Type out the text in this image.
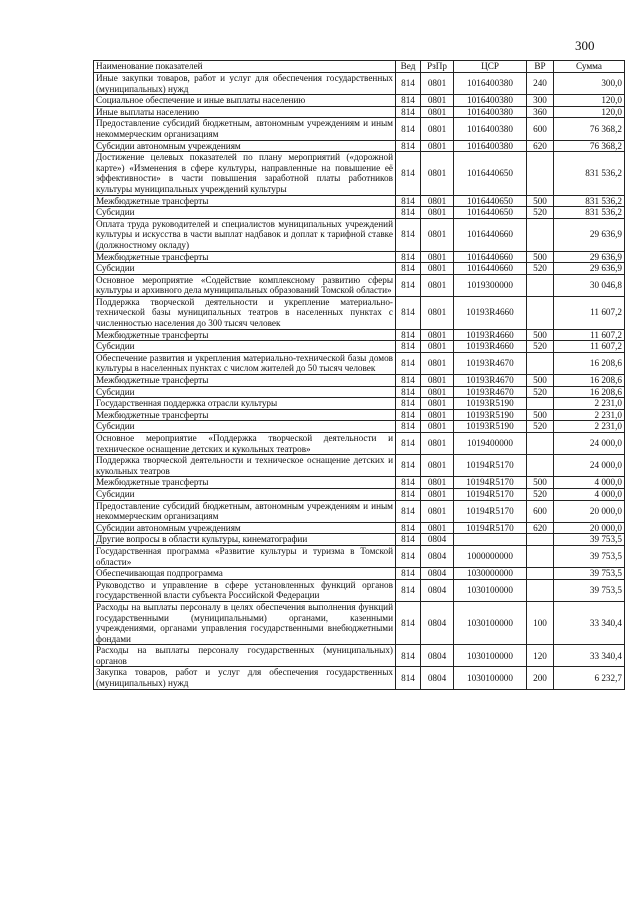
300
Наименование показателей	Вед	РзПр	ЦСР	ВР	Сумма
Иные закупки товаров, работ и услуг для обеспечения государственных (муниципальных) нужд	814	0801	1016400380	240	300,0
Социальное обеспечение и иные выплаты населению	814	0801	1016400380	300	120,0
Иные выплаты населению	814	0801	1016400380	360	120,0
Предоставление субсидий бюджетным, автономным учреждениям и иным некоммерческим организациям	814	0801	1016400380	600	76 368,2
Субсидии автономным учреждениям	814	0801	1016400380	620	76 368,2
Достижение целевых показателей по плану мероприятий («дорожной карте») «Изменения в сфере культуры, направленные на повышение её эффективности» в части повышения заработной платы работников культуры муниципальных учреждений культуры	814	0801	1016440650		831 536,2
Межбюджетные трансферты	814	0801	1016440650	500	831 536,2
Субсидии	814	0801	1016440650	520	831 536,2
Оплата труда руководителей и специалистов муниципальных учреждений культуры и искусства в части выплат надбавок и доплат к тарифной ставке (должностному окладу)	814	0801	1016440660		29 636,9
Межбюджетные трансферты	814	0801	1016440660	500	29 636,9
Субсидии	814	0801	1016440660	520	29 636,9
Основное мероприятие «Содействие комплексному развитию сферы культуры и архивного дела муниципальных образований Томской области»	814	0801	1019300000		30 046,8
Поддержка творческой деятельности и укрепление материально-технической базы муниципальных театров в населенных пунктах с численностью населения до 300 тысяч человек	814	0801	10193R4660		11 607,2
Межбюджетные трансферты	814	0801	10193R4660	500	11 607,2
Субсидии	814	0801	10193R4660	520	11 607,2
Обеспечение развития и укрепления материально-технической базы домов культуры в населенных пунктах с числом жителей до 50 тысяч человек	814	0801	10193R4670		16 208,6
Межбюджетные трансферты	814	0801	10193R4670	500	16 208,6
Субсидии	814	0801	10193R4670	520	16 208,6
Государственная поддержка отрасли культуры	814	0801	10193R5190		2 231,0
Межбюджетные трансферты	814	0801	10193R5190	500	2 231,0
Субсидии	814	0801	10193R5190	520	2 231,0
Основное мероприятие «Поддержка творческой деятельности и техническое оснащение детских и кукольных театров»	814	0801	1019400000		24 000,0
Поддержка творческой деятельности и техническое оснащение детских и кукольных театров	814	0801	10194R5170		24 000,0
Межбюджетные трансферты	814	0801	10194R5170	500	4 000,0
Субсидии	814	0801	10194R5170	520	4 000,0
Предоставление субсидий бюджетным, автономным учреждениям и иным некоммерческим организациям	814	0801	10194R5170	600	20 000,0
Субсидии автономным учреждениям	814	0801	10194R5170	620	20 000,0
Другие вопросы в области культуры, кинематографии	814	0804			39 753,5
Государственная программа «Развитие культуры и туризма в Томской области»	814	0804	1000000000		39 753,5
Обеспечивающая подпрограмма	814	0804	1030000000		39 753,5
Руководство и управление в сфере установленных функций органов государственной власти субъекта Российской Федерации	814	0804	1030100000		39 753,5
Расходы на выплаты персоналу в целях обеспечения выполнения функций государственными (муниципальными) органами, казенными учреждениями, органами управления государственными внебюджетными фондами	814	0804	1030100000	100	33 340,4
Расходы на выплаты персоналу государственных (муниципальных) органов	814	0804	1030100000	120	33 340,4
Закупка товаров, работ и услуг для обеспечения государственных (муниципальных) нужд	814	0804	1030100000	200	6 232,7
